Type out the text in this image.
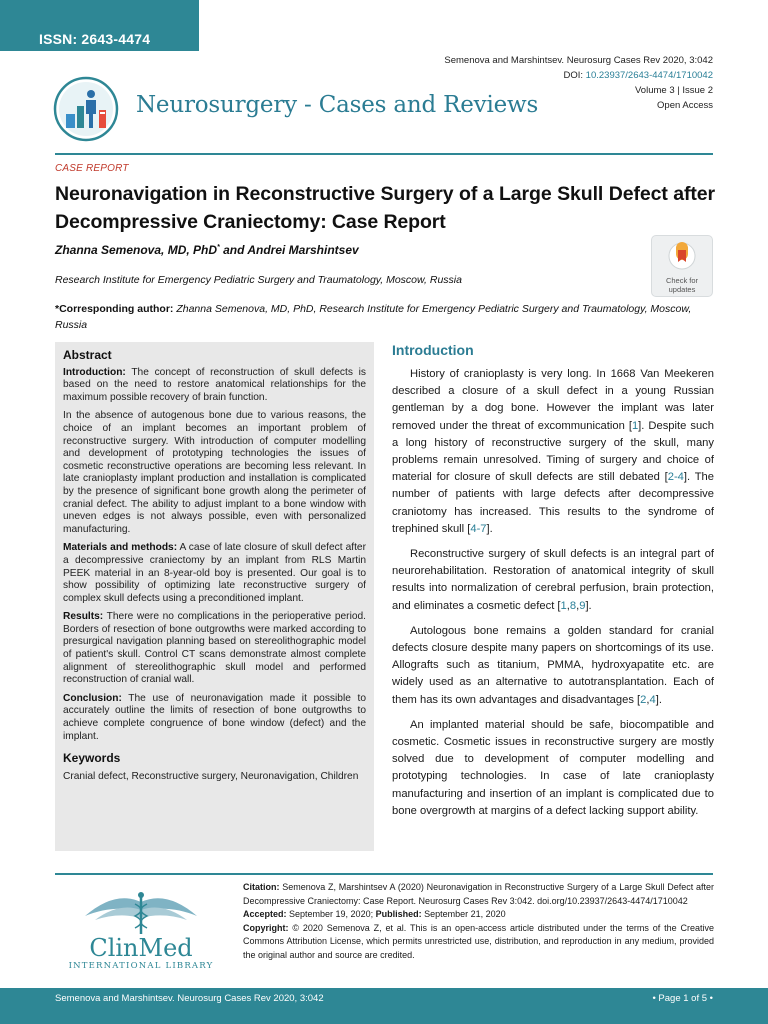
ISSN: 2643-4474
Semenova and Marshintsev. Neurosurg Cases Rev 2020, 3:042
DOI: 10.23937/2643-4474/1710042
Volume 3 | Issue 2
Open Access
Neurosurgery - Cases and Reviews
CASE REPORT
Neuronavigation in Reconstructive Surgery of a Large Skull Defect after Decompressive Craniectomy: Case Report
Zhanna Semenova, MD, PhD* and Andrei Marshintsev
Research Institute for Emergency Pediatric Surgery and Traumatology, Moscow, Russia
*Corresponding author: Zhanna Semenova, MD, PhD, Research Institute for Emergency Pediatric Surgery and Traumatology, Moscow, Russia
Check for
updates
Abstract

Introduction: The concept of reconstruction of skull defects is based on the need to restore anatomical relationships for the maximum possible recovery of brain function.

In the absence of autogenous bone due to various reasons, the choice of an implant becomes an important problem of reconstructive surgery. With introduction of computer modelling and development of prototyping technologies the issues of cosmetic reconstructive operations are becoming less relevant. In late cranioplasty implant production and installation is complicated by the presence of significant bone growth along the perimeter of cranial defect. The ability to adjust implant to a bone window with uneven edges is not always possible, even with personalized manufacturing.

Materials and methods: A case of late closure of skull defect after a decompressive craniectomy by an implant from RLS Martin PEEK material in an 8-year-old boy is presented. Our goal is to show possibility of optimizing late reconstructive surgery of complex skull defects using a preconditioned implant.

Results: There were no complications in the perioperative period. Borders of resection of bone outgrowths were marked according to presurgical navigation planning based on stereolithographic model of patient's skull. Control CT scans demonstrate almost complete alignment of stereolithographic skull model and performed reconstruction of cranial wall.

Conclusion: The use of neuronavigation made it possible to accurately outline the limits of resection of bone outgrowths to achieve complete congruence of bone window (defect) and the implant.

Keywords

Cranial defect, Reconstructive surgery, Neuronavigation, Children

Introduction

History of cranioplasty is very long. In 1668 Van Meekeren described a closure of a skull defect in a young Russian gentleman by a dog bone. However the implant was later removed under the threat of excommunication [1]. Despite such a long history of reconstructive surgery of the skull, many problems remain unresolved. Timing of surgery and choice of material for closure of skull defects are still debated [2-4]. The number of patients with large defects after decompressive craniotomy has increased. This results to the syndrome of trephined skull [4-7].

Reconstructive surgery of skull defects is an integral part of neurorehabilitation. Restoration of anatomical integrity of skull results into normalization of cerebral perfusion, brain protection, and eliminates a cosmetic defect [1,8,9].

Autologous bone remains a golden standard for cranial defects closure despite many papers on shortcomings of its use. Allografts such as titanium, PMMA, hydroxyapatite etc. are widely used as an alternative to autotransplantation. Each of them has its own advantages and disadvantages [2,4].

An implanted material should be safe, biocompatible and cosmetic. Cosmetic issues in reconstructive surgery are mostly solved due to development of computer modelling and prototyping technologies. In case of late cranioplasty manufacturing and insertion of an implant is complicated due to bone overgrowth at margins of a defect lacking support ability.

ClinMed
INTERNATIONAL LIBRARY

Citation: Semenova Z, Marshintsev A (2020) Neuronavigation in Reconstructive Surgery of a Large Skull Defect after Decompressive Craniectomy: Case Report. Neurosurg Cases Rev 3:042. doi.org/10.23937/2643-4474/1710042

Accepted: September 19, 2020; Published: September 21, 2020

Copyright: © 2020 Semenova Z, et al. This is an open-access article distributed under the terms of the Creative Commons Attribution License, which permits unrestricted use, distribution, and reproduction in any medium, provided the original author and source are credited.

Semenova and Marshintsev. Neurosurg Cases Rev 2020, 3:042	• Page 1 of 5 •
